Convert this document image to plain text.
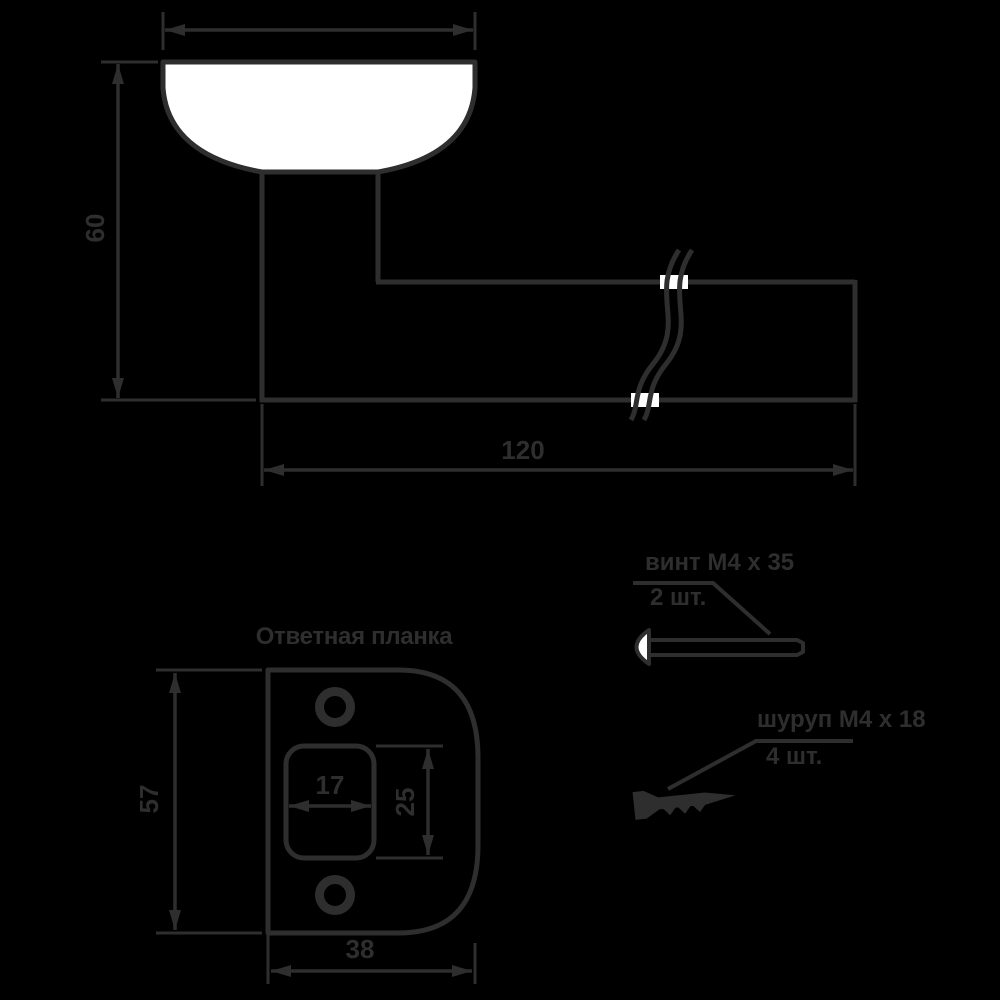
60
120
Ответная планка
17
25
57
38
винт M4 x 35
2 шт.
шуруп M4 x 18
4 шт.
